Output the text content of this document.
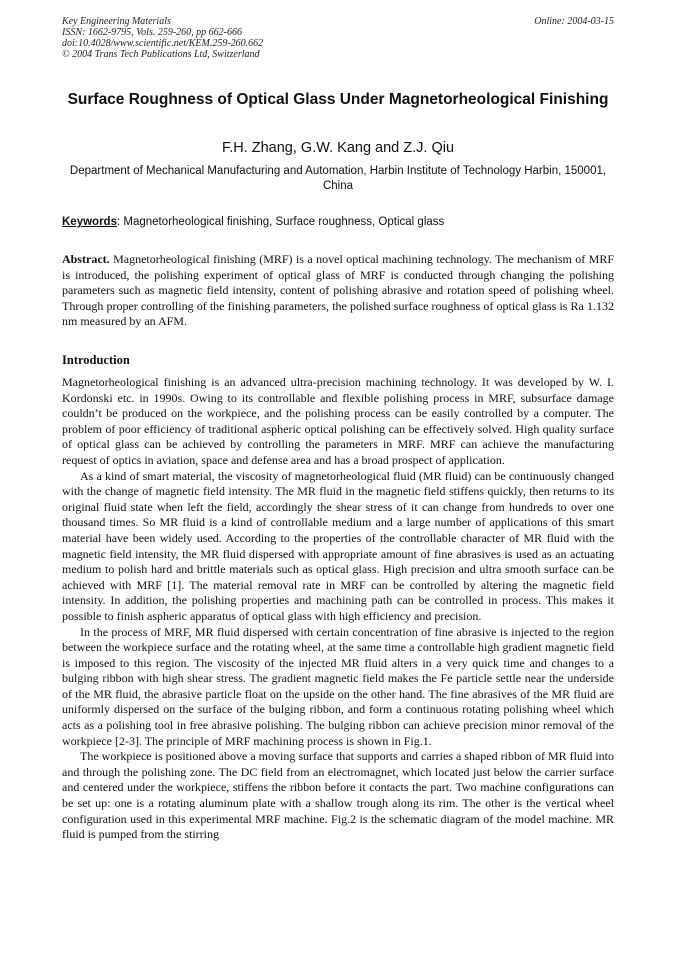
Key Engineering Materials
ISSN: 1662-9795, Vols. 259-260, pp 662-666
doi:10.4028/www.scientific.net/KEM.259-260.662
© 2004 Trans Tech Publications Ltd, Switzerland
Online: 2004-03-15
Surface Roughness of Optical Glass Under Magnetorheological Finishing
F.H. Zhang, G.W. Kang and Z.J. Qiu
Department of Mechanical Manufacturing and Automation, Harbin Institute of Technology Harbin, 150001, China
Keywords: Magnetorheological finishing, Surface roughness, Optical glass
Abstract. Magnetorheological finishing (MRF) is a novel optical machining technology. The mechanism of MRF is introduced, the polishing experiment of optical glass of MRF is conducted through changing the polishing parameters such as magnetic field intensity, content of polishing abrasive and rotation speed of polishing wheel. Through proper controlling of the finishing parameters, the polished surface roughness of optical glass is Ra 1.132 nm measured by an AFM.
Introduction

Magnetorheological finishing is an advanced ultra-precision machining technology. It was developed by W. I. Kordonski etc. in 1990s. Owing to its controllable and flexible polishing process in MRF, subsurface damage couldn’t be produced on the workpiece, and the polishing process can be easily controlled by a computer. The problem of poor efficiency of traditional aspheric optical polishing can be effectively solved. High quality surface of optical glass can be achieved by controlling the parameters in MRF. MRF can achieve the manufacturing request of optics in aviation, space and defense area and has a broad prospect of application.

As a kind of smart material, the viscosity of magnetorheological fluid (MR fluid) can be continuously changed with the change of magnetic field intensity. The MR fluid in the magnetic field stiffens quickly, then returns to its original fluid state when left the field, accordingly the shear stress of it can change from hundreds to over one thousand times. So MR fluid is a kind of controllable medium and a large number of applications of this smart material have been widely used. According to the properties of the controllable character of MR fluid with the magnetic field intensity, the MR fluid dispersed with appropriate amount of fine abrasives is used as an actuating medium to polish hard and brittle materials such as optical glass. High precision and ultra smooth surface can be achieved with MRF [1]. The material removal rate in MRF can be controlled by altering the magnetic field intensity. In addition, the polishing properties and machining path can be controlled in process. This makes it possible to finish aspheric apparatus of optical glass with high efficiency and precision.

In the process of MRF, MR fluid dispersed with certain concentration of fine abrasive is injected to the region between the workpiece surface and the rotating wheel, at the same time a controllable high gradient magnetic field is imposed to this region. The viscosity of the injected MR fluid alters in a very quick time and changes to a bulging ribbon with high shear stress. The gradient magnetic field makes the Fe particle settle near the underside of the MR fluid, the abrasive particle float on the upside on the other hand. The fine abrasives of the MR fluid are uniformly dispersed on the surface of the bulging ribbon, and form a continuous rotating polishing wheel which acts as a polishing tool in free abrasive polishing. The bulging ribbon can achieve precision minor removal of the workpiece [2-3]. The principle of MRF machining process is shown in Fig.1.

The workpiece is positioned above a moving surface that supports and carries a shaped ribbon of MR fluid into and through the polishing zone. The DC field from an electromagnet, which located just below the carrier surface and centered under the workpiece, stiffens the ribbon before it contacts the part. Two machine configurations can be set up: one is a rotating aluminum plate with a shallow trough along its rim. The other is the vertical wheel configuration used in this experimental MRF machine. Fig.2 is the schematic diagram of the model machine. MR fluid is pumped from the stirring
